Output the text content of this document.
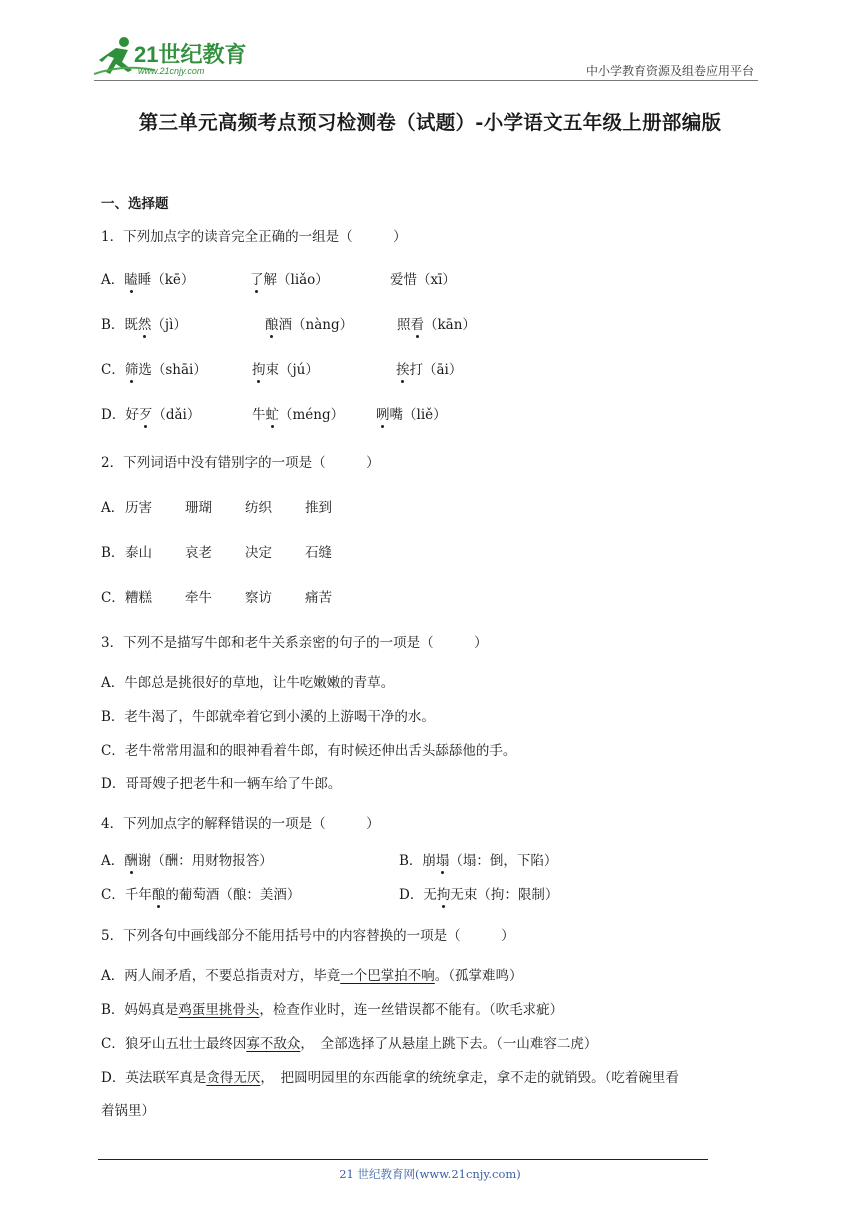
21世纪教育
www.21cnjy.com	中小学教育资源及组卷应用平台
第三单元高频考点预习检测卷（试题）-小学语文五年级上册部编版
一、选择题
1．下列加点字的读音完全正确的一组是（　　　）
A．瞌睡（kē）	了解（liǎo）	爱惜（xī）
B．既然（jì）	酿酒（nàng）	照看（kān）
C．筛选（shāi）	拘束（jú）	挨打（āi）
D．好歹（dǎi）	牛虻（méng） 咧嘴（liě）
2．下列词语中没有错别字的一项是（　　　）
A． 历害 珊瑚 纺织 推到
B． 泰山 哀老 决定 石缝
C． 糟糕 牵牛 察访 痛苦
3．下列不是描写牛郎和老牛关系亲密的句子的一项是（　　　）
A．牛郎总是挑很好的草地，让牛吃嫩嫩的青草。
B．老牛渴了，牛郎就牵着它到小溪的上游喝干净的水。
C．老牛常常用温和的眼神看着牛郎，有时候还伸出舌头舔舔他的手。
D．哥哥嫂子把老牛和一辆车给了牛郎。
4．下列加点字的解释错误的一项是（　　　）
A．酬谢（酬：用财物报答）	B．崩塌（塌：倒，下陷）
C．千年酿的葡萄酒（酿：美酒）	D．无拘无束（拘：限制）
5．下列各句中画线部分不能用括号中的内容替换的一项是（　　　）
A．两人闹矛盾，不要总指责对方，毕竟一个巴掌拍不响。（孤掌难鸣）
B．妈妈真是鸡蛋里挑骨头，检查作业时，连一丝错误都不能有。（吹毛求疵）
C．狼牙山五壮士最终因寡不敌众，　全部选择了从悬崖上跳下去。（一山难容二虎）
D．英法联军真是贪得无厌，　把圆明园里的东西能拿的统统拿走，拿不走的就销毁。（吃着碗里看
着锅里）
21 世纪教育网(www.21cnjy.com)
